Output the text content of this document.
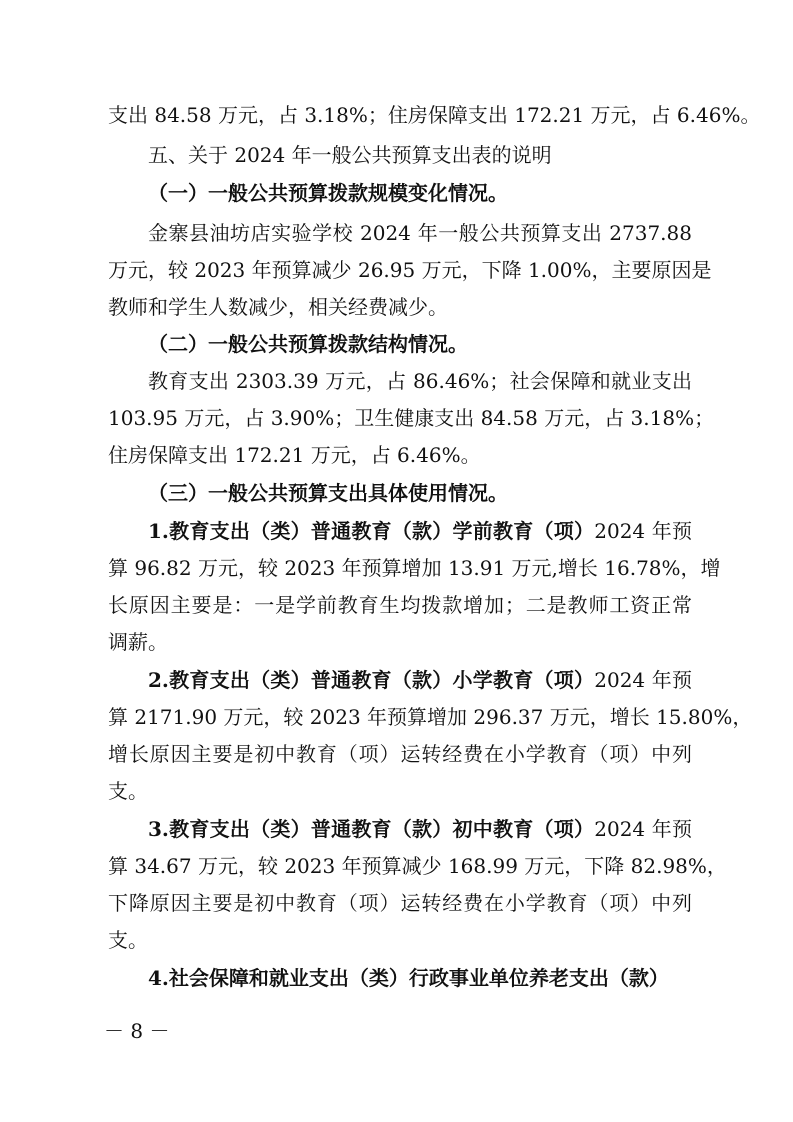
支出 84.58 万元，占 3.18%；住房保障支出 172.21 万元，占 6.46%。
五、关于 2024 年一般公共预算支出表的说明
（一）一般公共预算拨款规模变化情况。
金寨县油坊店实验学校 2024 年一般公共预算支出 2737.88
万元，较 2023 年预算减少 26.95 万元，下降 1.00%，主要原因是
教师和学生人数减少，相关经费减少。
（二）一般公共预算拨款结构情况。
教育支出 2303.39 万元，占 86.46%；社会保障和就业支出
103.95 万元，占 3.90%；卫生健康支出 84.58 万元，占 3.18%；
住房保障支出 172.21 万元，占 6.46%。
（三）一般公共预算支出具体使用情况。
1.教育支出（类）普通教育（款）学前教育（项）2024 年预
算 96.82 万元，较 2023 年预算增加 13.91 万元,增长 16.78%，增
长原因主要是：一是学前教育生均拨款增加；二是教师工资正常
调薪。
2.教育支出（类）普通教育（款）小学教育（项）2024 年预
算 2171.90 万元，较 2023 年预算增加 296.37 万元，增长 15.80%，
增长原因主要是初中教育（项）运转经费在小学教育（项）中列
支。
3.教育支出（类）普通教育（款）初中教育（项）2024 年预
算 34.67 万元，较 2023 年预算减少 168.99 万元，下降 82.98%，
下降原因主要是初中教育（项）运转经费在小学教育（项）中列
支。
4.社会保障和就业支出（类）行政事业单位养老支出（款）
－ 8 －
